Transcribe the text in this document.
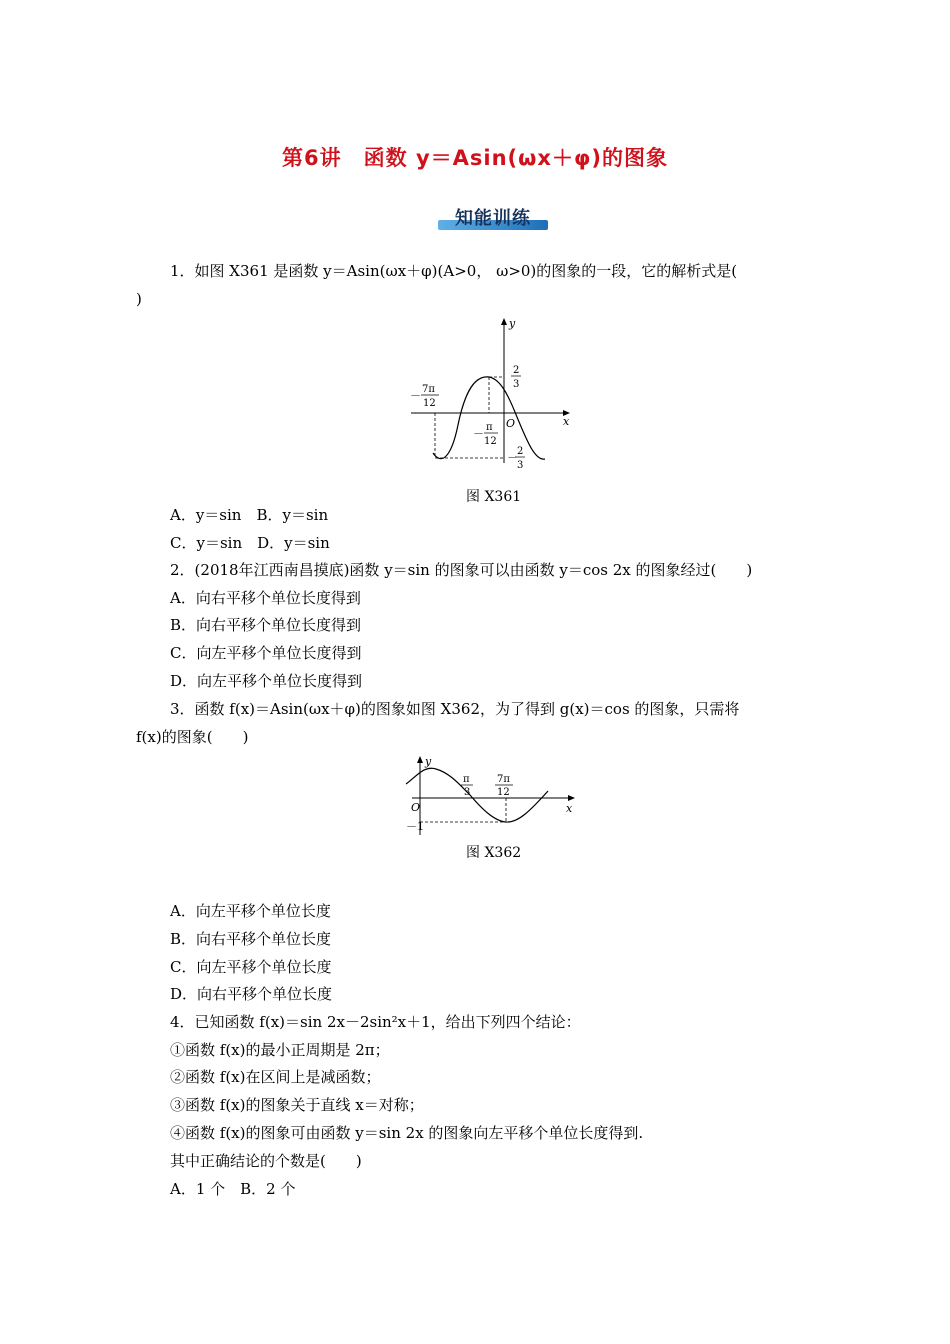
第6讲　函数 y＝Asin(ωx＋φ)的图象
知能训练
1．如图 X361 是函数 y＝Asin(ωx＋φ)(A>0， ω>0)的图象的一段，它的解析式是(
)
y
x
O
－ 7π
12
－ π
12
2
3
－ 2
3
图 X361
A．y＝sin　B．y＝sin
C．y＝sin　D．y＝sin
2．(2018年江西南昌摸底)函数 y＝sin 的图象可以由函数 y＝cos 2x 的图象经过(　　)
A．向右平移个单位长度得到
B．向右平移个单位长度得到
C．向左平移个单位长度得到
D．向左平移个单位长度得到
3．函数 f(x)＝Asin(ωx＋φ)的图象如图 X362，为了得到 g(x)＝cos 的图象，只需将
f(x)的图象(　　)
y
x
O
－1
π
3
7π
12
图 X362
A．向左平移个单位长度
B．向右平移个单位长度
C．向左平移个单位长度
D．向右平移个单位长度
4．已知函数 f(x)＝sin 2x－2sin²x＋1，给出下列四个结论：
①函数 f(x)的最小正周期是 2π；
②函数 f(x)在区间上是减函数；
③函数 f(x)的图象关于直线 x＝对称；
④函数 f(x)的图象可由函数 y＝sin 2x 的图象向左平移个单位长度得到.
其中正确结论的个数是(　　)
A．1 个　B．2 个
